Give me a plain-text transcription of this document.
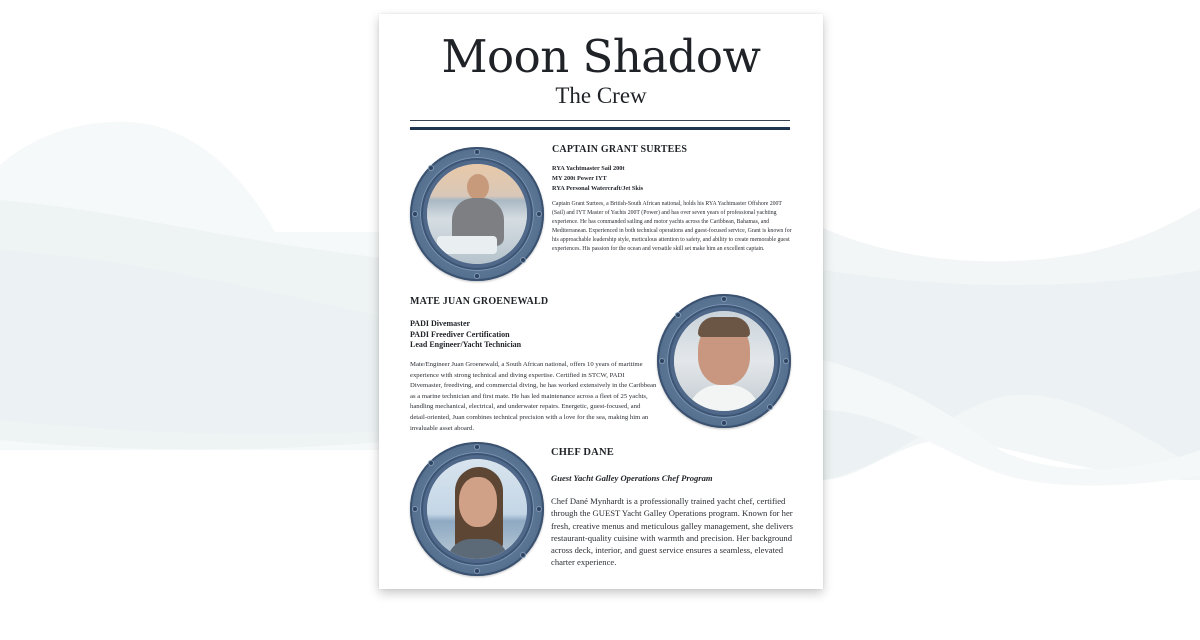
Moon Shadow
The Crew
CAPTAIN GRANT SURTEES
RYA Yachtmaster Sail 200t
MY 200t Power IYT
RYA Personal Watercraft/Jet Skis

Captain Grant Surtees, a British-South African national, holds his RYA Yachtmaster Offshore 200T (Sail) and IYT Master of Yachts 200T (Power) and has over seven years of professional yachting experience. He has commanded sailing and motor yachts across the Caribbean, Bahamas, and Mediterranean. Experienced in both technical operations and guest-focused service, Grant is known for his approachable leadership style, meticulous attention to safety, and ability to create memorable guest experiences. His passion for the ocean and versatile skill set make him an excellent captain.

MATE JUAN GROENEWALD
PADI Divemaster
PADI Freediver Certification
Lead Engineer/Yacht Technician

Mate/Engineer Juan Groenewald, a South African national, offers 10 years of maritime experience with strong technical and diving expertise. Certified in STCW, PADI Divemaster, freediving, and commercial diving, he has worked extensively in the Caribbean as a marine technician and first mate. He has led maintenance across a fleet of 25 yachts, handling mechanical, electrical, and underwater repairs. Energetic, guest-focused, and detail-oriented, Juan combines technical precision with a love for the sea, making him an invaluable asset aboard.

CHEF DANE
Guest Yacht Galley Operations Chef Program

Chef Dané Mynhardt is a professionally trained yacht chef, certified through the GUEST Yacht Galley Operations program. Known for her fresh, creative menus and meticulous galley management, she delivers restaurant-quality cuisine with warmth and precision. Her background across deck, interior, and guest service ensures a seamless, elevated charter experience.
